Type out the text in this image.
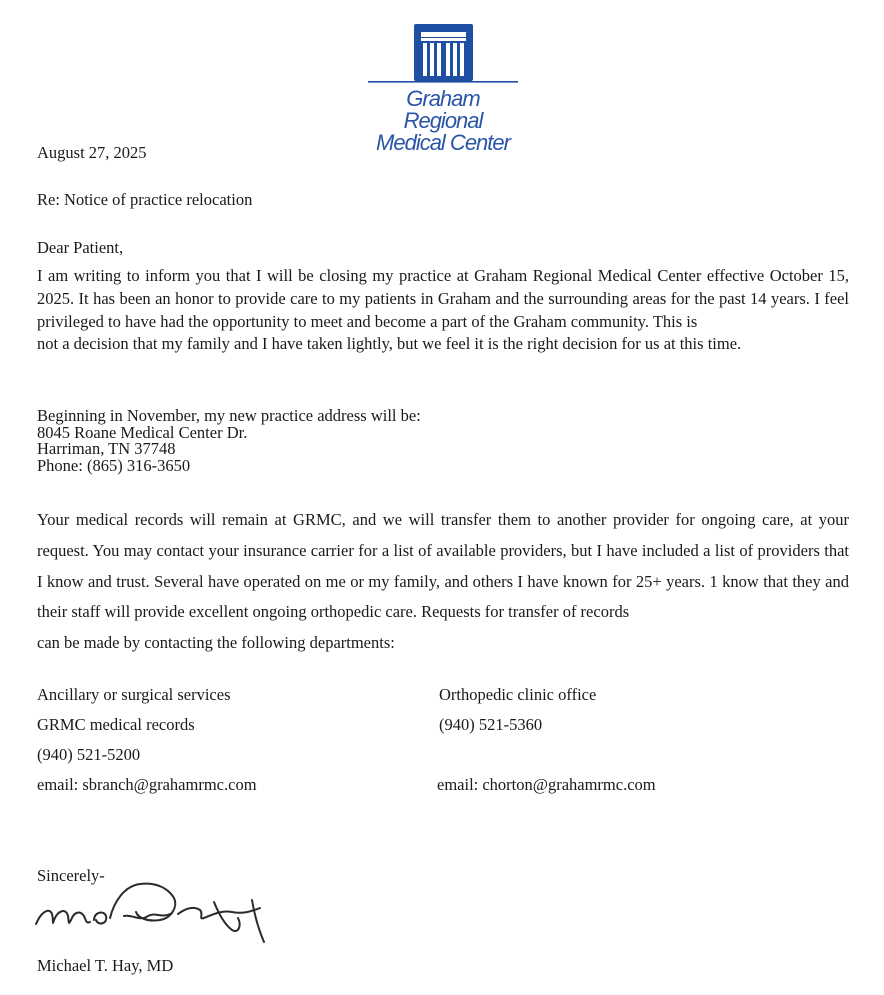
Graham Regional
Medical Center

August 27, 2025

Re: Notice of practice relocation

Dear Patient,

I am writing to inform you that I will be closing my practice at Graham Regional Medical Center effective October 15, 2025. It has been an honor to provide care to my patients in Graham and the surrounding areas for the past 14 years. I feel privileged to have had the opportunity to meet and become a part of the Graham community. This is
not a decision that my family and I have taken lightly, but we feel it is the right decision for us at this time.

Beginning in November, my new practice address will be:
8045 Roane Medical Center Dr.
Harriman, TN 37748
Phone: (865) 316-3650

Your medical records will remain at GRMC, and we will transfer them to another provider for ongoing care, at your request. You may contact your insurance carrier for a list of available providers, but I have included a list of providers that I know and trust. Several have operated on me or my family, and others I have known for 25+ years. 1 know that they and their staff will provide excellent ongoing orthopedic care. Requests for transfer of records
can be made by contacting the following departments:

Ancillary or surgical services
GRMC medical records
(940) 521-5200
email: sbranch@grahamrmc.com
Orthopedic clinic office
(940) 521-5360
email: chorton@grahamrmc.com

Sincerely-

Michael T. Hay, MD
